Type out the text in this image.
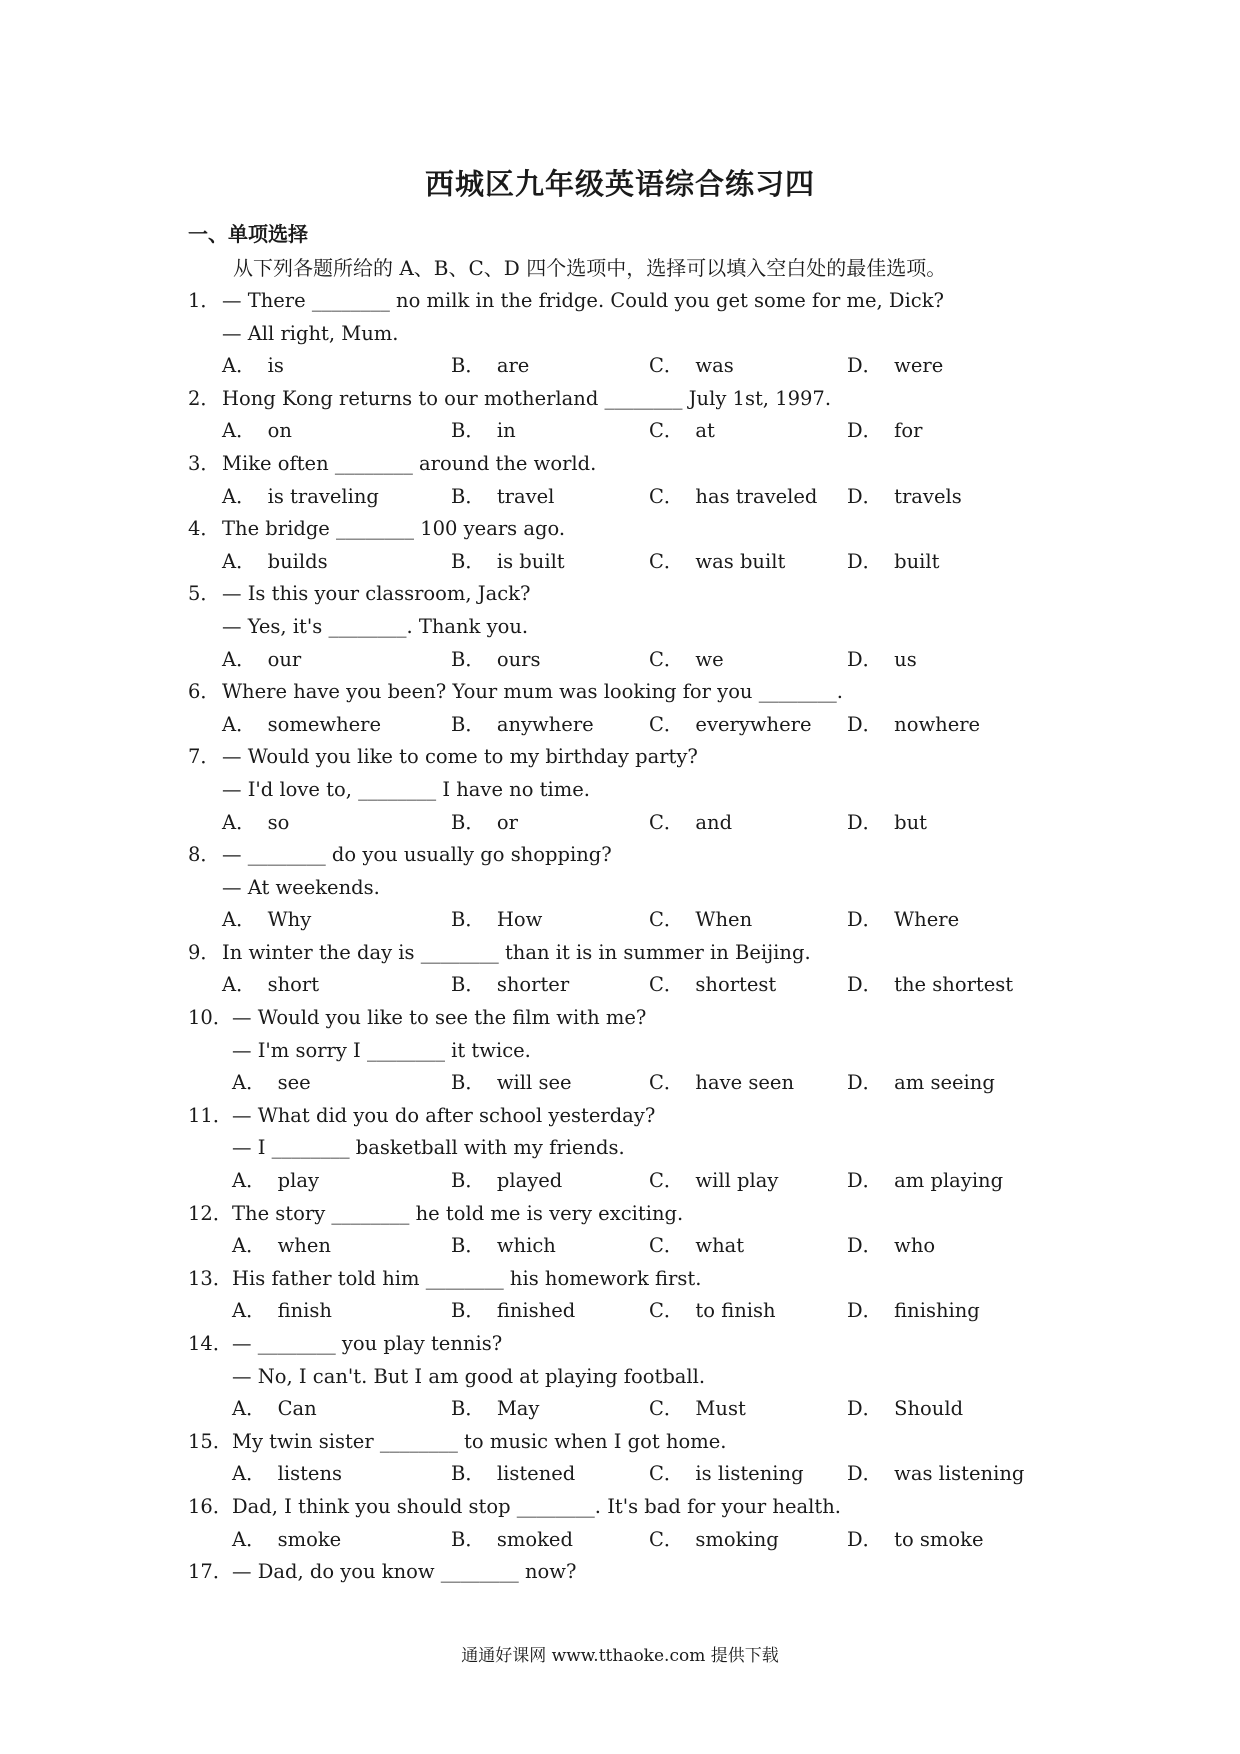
西城区九年级英语综合练习四
一、单项选择
从下列各题所给的 A、B、C、D 四个选项中，选择可以填入空白处的最佳选项。
1． — There ________ no milk in the fridge. Could you get some for me, Dick?
— All right, Mum.
A． is	B． are	C． was	D． were
2． Hong Kong returns to our motherland ________ July 1st, 1997.
A． on	B． in	C． at	D． for
3． Mike often ________ around the world.
A． is traveling	B． travel	C． has traveled D． travels
4． The bridge ________ 100 years ago.
A． builds	B． is built	C． was built	D． built
5． — Is this your classroom, Jack?
— Yes, it's ________. Thank you.
A． our	B． ours	C． we	D． us
6． Where have you been? Your mum was looking for you ________.
A． somewhere	B． anywhere	C． everywhere D． nowhere
7． — Would you like to come to my birthday party?
— I'd love to, ________ I have no time.
A． so	B． or	C． and	D． but
8． — ________ do you usually go shopping?
— At weekends.
A． Why	B． How	C． When	D． Where
9． In winter the day is ________ than it is in summer in Beijing.
A． short	B． shorter	C． shortest	D． the shortest
10．— Would you like to see the film with me?
— I'm sorry I ________ it twice.
A． see	B． will see	C． have seen	D． am seeing
11．— What did you do after school yesterday?
— I ________ basketball with my friends.
A． play	B． played	C． will play	D． am playing
12．The story ________ he told me is very exciting.
A． when	B． which	C． what	D． who
13．His father told him ________ his homework first.
A． finish	B． finished	C． to finish	D． finishing
14．— ________ you play tennis?
— No, I can't. But I am good at playing football.
A． Can	B． May	C． Must	D． Should
15．My twin sister ________ to music when I got home.
A． listens	B． listened	C． is listening D． was listening
16．Dad, I think you should stop ________. It's bad for your health.
A． smoke	B． smoked	C． smoking	D． to smoke
17．— Dad, do you know ________ now?
通通好课网 www.tthaoke.com 提供下载
